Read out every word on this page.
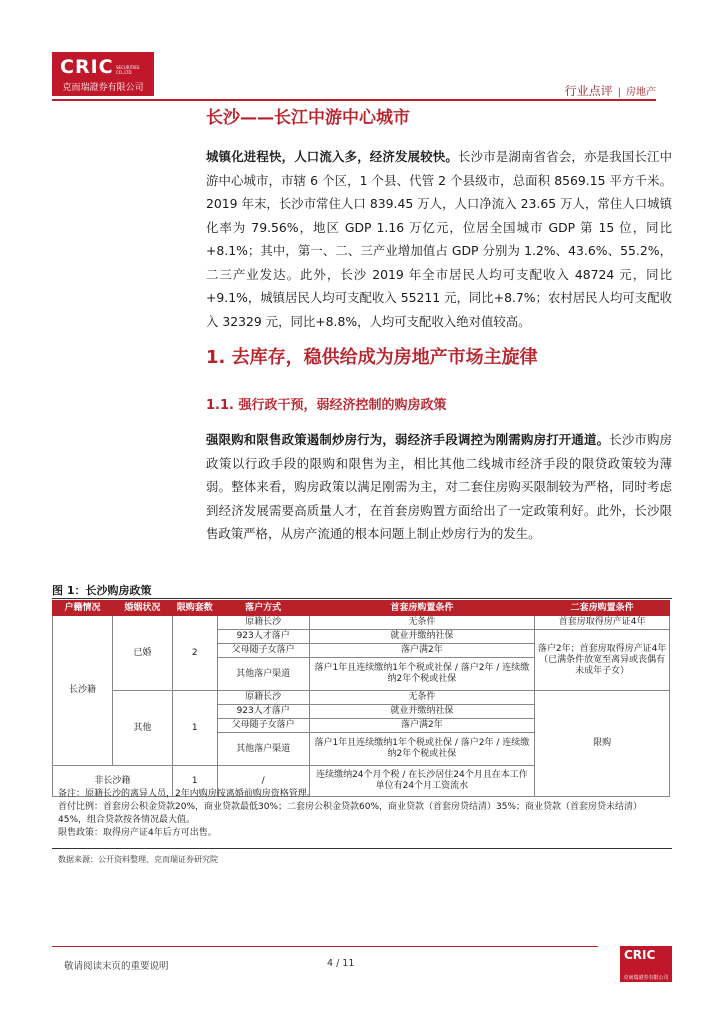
CRIC SECURITIES CO.,LTD
克而瑞證券有限公司	行业点评 | 房地产
长沙——长江中游中心城市

城镇化进程快，人口流入多，经济发展较快。长沙市是湖南省省会，亦是我国长江中游中心城市，市辖 6 个区，1 个县、代管 2 个县级市，总面积 8569.15 平方千米。2019 年末，长沙市常住人口 839.45 万人，人口净流入 23.65 万人，常住人口城镇化率为 79.56%，地区 GDP 1.16 万亿元，位居全国城市 GDP 第 15 位，同比+8.1%；其中，第一、二、三产业增加值占 GDP 分别为 1.2%、43.6%、55.2%，二三产业发达。此外，长沙 2019 年全市居民人均可支配收入 48724 元，同比+9.1%，城镇居民人均可支配收入 55211 元，同比+8.7%；农村居民人均可支配收入 32329 元，同比+8.8%，人均可支配收入绝对值较高。

1. 去库存，稳供给成为房地产市场主旋律
1.1. 强行政干预，弱经济控制的购房政策

强限购和限售政策遏制炒房行为，弱经济手段调控为刚需购房打开通道。长沙市购房政策以行政手段的限购和限售为主，相比其他二线城市经济手段的限贷政策较为薄弱。整体来看，购房政策以满足刚需为主，对二套住房购买限制较为严格，同时考虑到经济发展需要高质量人才，在首套房购置方面给出了一定政策利好。此外，长沙限售政策严格，从房产流通的根本问题上制止炒房行为的发生。

图 1：长沙购房政策
户籍情况	婚姻状况	限购套数	落户方式	首套房购置条件	二套房购置条件
长沙籍	已婚	2	原籍长沙	无条件	首套房取得房产证4年
			923人才落户	就业并缴纳社保	落户2年；首套房取得房产证4年（已满条件放宽至离异或丧偶有未成年子女）
			父母随子女落户	落户满2年	
			其他落户渠道	落户1年且连续缴纳1年个税或社保 / 落户2年 / 连续缴纳2年个税或社保	
	其他	1	原籍长沙	无条件	限购
			923人才落户	就业并缴纳社保	
			父母随子女落户	落户满2年	
			其他落户渠道	落户1年且连续缴纳1年个税或社保 / 落户2年 / 连续缴纳2年个税或社保	
非长沙籍		1	/	连续缴纳24个月个税 / 在长沙居住24个月且在本工作单位有24个月工资流水	
备注：原籍长沙的离异人员，2年内购房按离婚前购房资格管理。
首付比例：首套房公积金贷款20%，商业贷款最低30%；二套房公积金贷款60%，商业贷款（首套房贷结清）35%；商业贷款（首套房贷未结清）45%，组合贷款按各情况最大值。
限售政策：取得房产证4年后方可出售。
数据来源：公开资料整理、克而瑞证券研究院
敬请阅读末页的重要说明	4 / 11
CRIC
克而瑞證券有限公司
